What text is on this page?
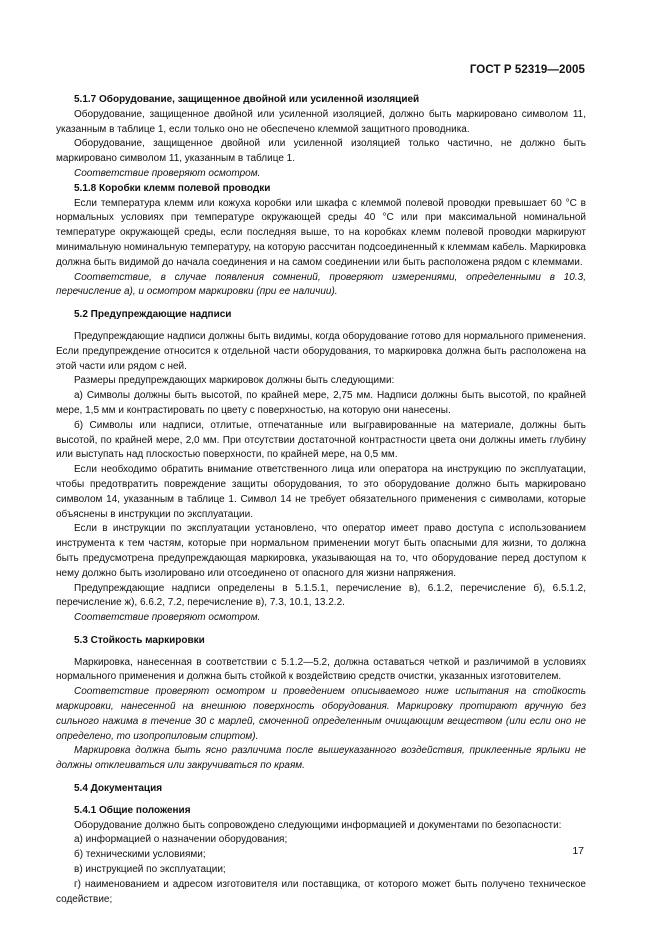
ГОСТ Р 52319—2005

5.1.7 Оборудование, защищенное двойной или усиленной изоляцией

Оборудование, защищенное двойной или усиленной изоляцией, должно быть маркировано символом 11, указанным в таблице 1, если только оно не обеспечено клеммой защитного проводника.

Оборудование, защищенное двойной или усиленной изоляцией только частично, не должно быть маркировано символом 11, указанным в таблице 1.

Соответствие проверяют осмотром.

5.1.8 Коробки клемм полевой проводки

Если температура клемм или кожуха коробки или шкафа с клеммой полевой проводки превышает 60 °С в нормальных условиях при температуре окружающей среды 40 °С или при максимальной номинальной температуре окружающей среды, если последняя выше, то на коробках клемм полевой проводки маркируют минимальную номинальную температуру, на которую рассчитан подсоединенный к клеммам кабель. Маркировка должна быть видимой до начала соединения и на самом соединении или быть расположена рядом с клеммами.

Соответствие, в случае появления сомнений, проверяют измерениями, определенными в 10.3, перечисление а), и осмотром маркировки (при ее наличии).

5.2 Предупреждающие надписи

Предупреждающие надписи должны быть видимы, когда оборудование готово для нормального применения. Если предупреждение относится к отдельной части оборудования, то маркировка должна быть расположена на этой части или рядом с ней.

Размеры предупреждающих маркировок должны быть следующими:

а) Символы должны быть высотой, по крайней мере, 2,75 мм. Надписи должны быть высотой, по крайней мере, 1,5 мм и контрастировать по цвету с поверхностью, на которую они нанесены.

б) Символы или надписи, отлитые, отпечатанные или выгравированные на материале, должны быть высотой, по крайней мере, 2,0 мм. При отсутствии достаточной контрастности цвета они должны иметь глубину или выступать над плоскостью поверхности, по крайней мере, на 0,5 мм.

Если необходимо обратить внимание ответственного лица или оператора на инструкцию по эксплуатации, чтобы предотвратить повреждение защиты оборудования, то это оборудование должно быть маркировано символом 14, указанным в таблице 1. Символ 14 не требует обязательного применения с символами, которые объяснены в инструкции по эксплуатации.

Если в инструкции по эксплуатации установлено, что оператор имеет право доступа с использованием инструмента к тем частям, которые при нормальном применении могут быть опасными для жизни, то должна быть предусмотрена предупреждающая маркировка, указывающая на то, что оборудование перед доступом к нему должно быть изолировано или отсоединено от опасного для жизни напряжения.

Предупреждающие надписи определены в 5.1.5.1, перечисление в), 6.1.2, перечисление б), 6.5.1.2, перечисление ж), 6.6.2, 7.2, перечисление в), 7.3, 10.1, 13.2.2.

Соответствие проверяют осмотром.

5.3 Стойкость маркировки

Маркировка, нанесенная в соответствии с 5.1.2—5.2, должна оставаться четкой и различимой в условиях нормального применения и должна быть стойкой к воздействию средств очистки, указанных изготовителем.

Соответствие проверяют осмотром и проведением описываемого ниже испытания на стойкость маркировки, нанесенной на внешнюю поверхность оборудования. Маркировку протирают вручную без сильного нажима в течение 30 с марлей, смоченной определенным очищающим веществом (или если оно не определено, то изопропиловым спиртом).

Маркировка должна быть ясно различима после вышеуказанного воздействия, приклеенные ярлыки не должны отклеиваться или закручиваться по краям.

5.4 Документация

5.4.1 Общие положения

Оборудование должно быть сопровождено следующими информацией и документами по безопасности:

а) информацией о назначении оборудования;

б) техническими условиями;

в) инструкцией по эксплуатации;

г) наименованием и адресом изготовителя или поставщика, от которого может быть получено техническое содействие;

17
